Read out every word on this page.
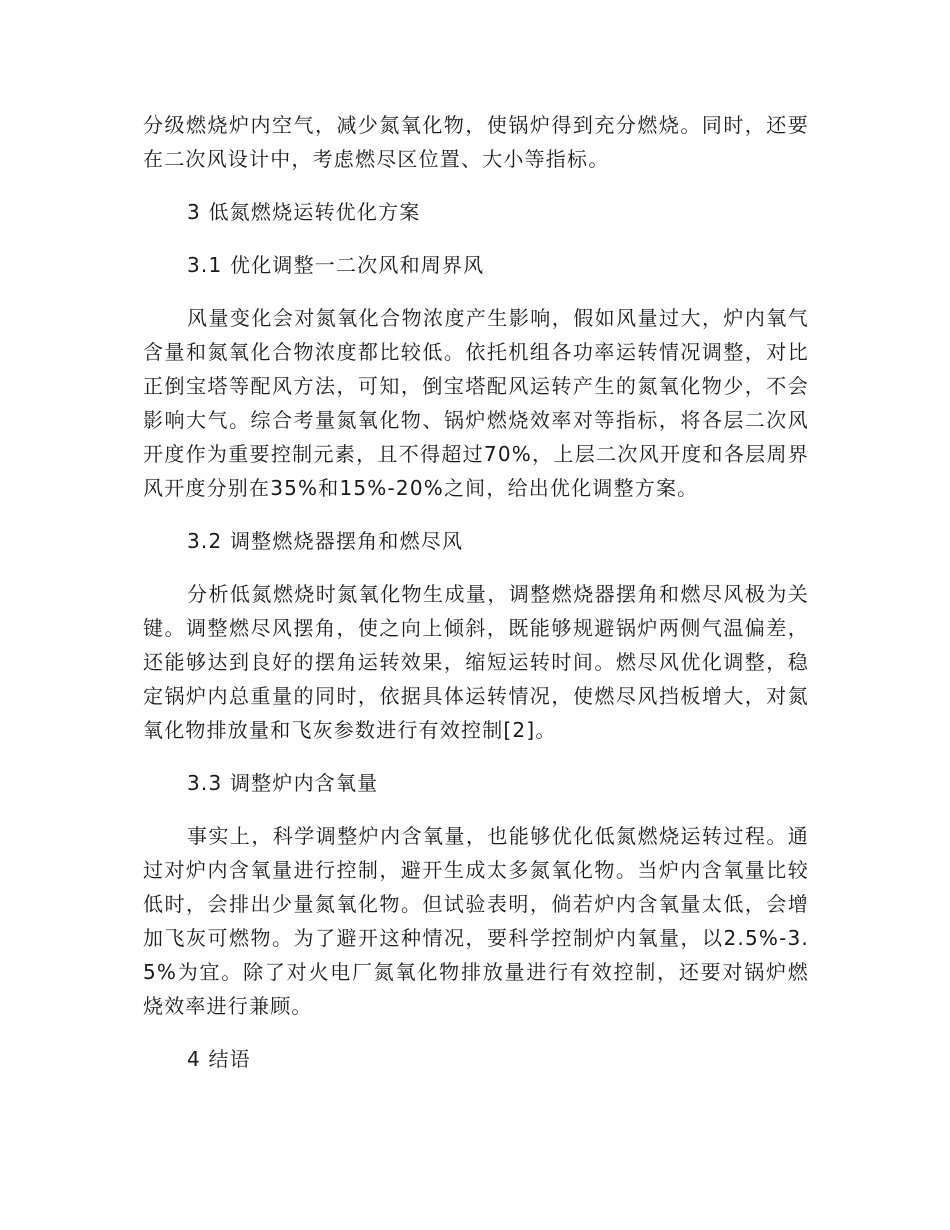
分级燃烧炉内空气，减少氮氧化物，使锅炉得到充分燃烧。同时，还要在二次风设计中，考虑燃尽区位置、大小等指标。

3 低氮燃烧运转优化方案

3.1 优化调整一二次风和周界风

风量变化会对氮氧化合物浓度产生影响，假如风量过大，炉内氧气含量和氮氧化合物浓度都比较低。依托机组各功率运转情况调整，对比正倒宝塔等配风方法，可知，倒宝塔配风运转产生的氮氧化物少，不会影响大气。综合考量氮氧化物、锅炉燃烧效率对等指标，将各层二次风开度作为重要控制元素，且不得超过70%，上层二次风开度和各层周界风开度分别在35%和15%-20%之间，给出优化调整方案。

3.2 调整燃烧器摆角和燃尽风

分析低氮燃烧时氮氧化物生成量，调整燃烧器摆角和燃尽风极为关键。调整燃尽风摆角，使之向上倾斜，既能够规避锅炉两侧气温偏差，还能够达到良好的摆角运转效果，缩短运转时间。燃尽风优化调整，稳定锅炉内总重量的同时，依据具体运转情况，使燃尽风挡板增大，对氮氧化物排放量和飞灰参数进行有效控制[2]。

3.3 调整炉内含氧量

事实上，科学调整炉内含氧量，也能够优化低氮燃烧运转过程。通过对炉内含氧量进行控制，避开生成太多氮氧化物。当炉内含氧量比较低时，会排出少量氮氧化物。但试验表明，倘若炉内含氧量太低，会增加飞灰可燃物。为了避开这种情况，要科学控制炉内氧量，以2.5%-3.5%为宜。除了对火电厂氮氧化物排放量进行有效控制，还要对锅炉燃烧效率进行兼顾。

4 结语
